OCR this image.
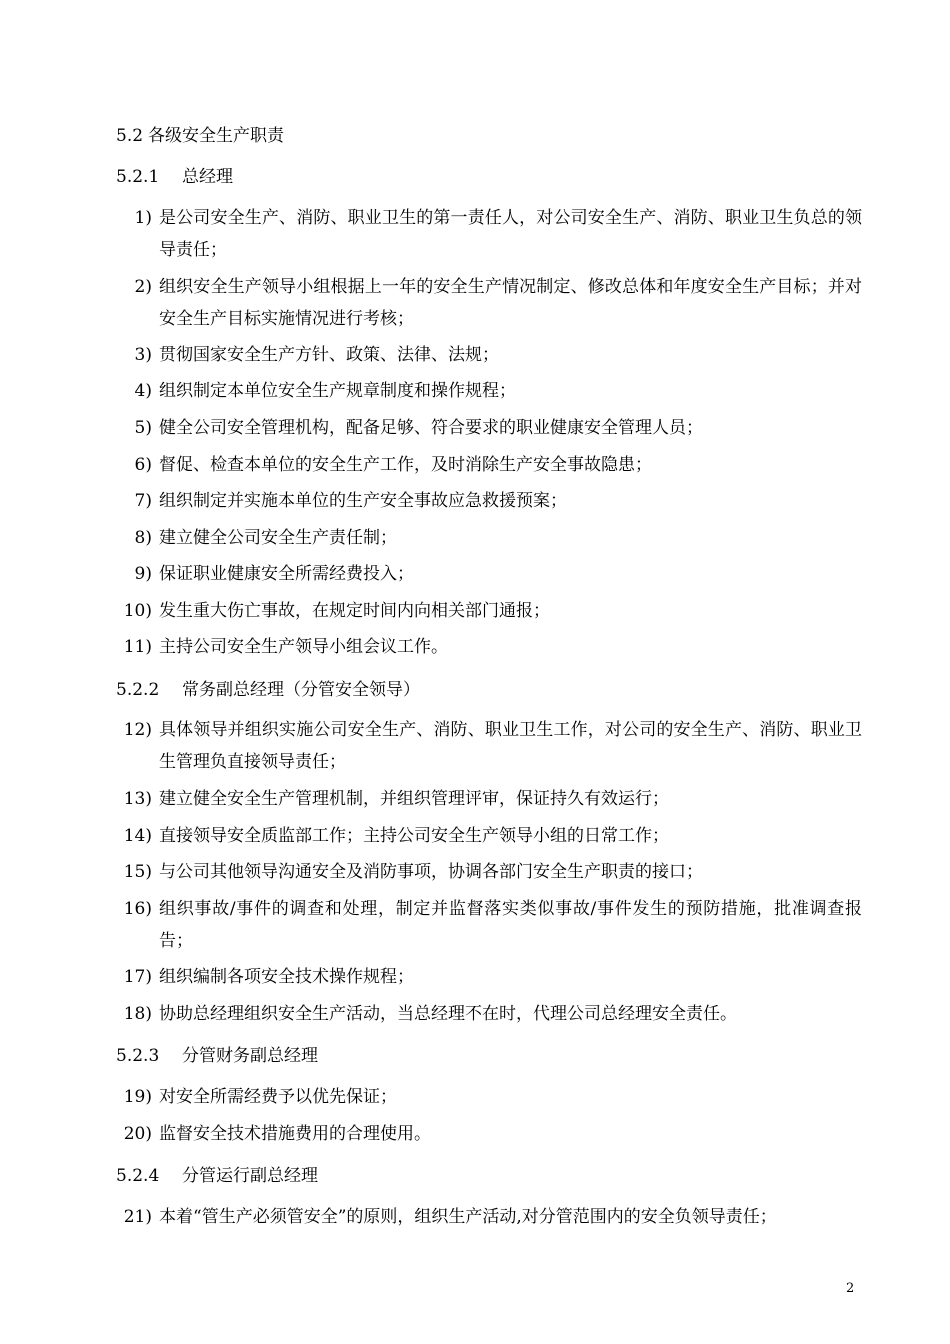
5.2 各级安全生产职责
5.2.1 总经理
1) 是公司安全生产、消防、职业卫生的第一责任人，对公司安全生产、消防、职业卫生负总的领导责任；
2) 组织安全生产领导小组根据上一年的安全生产情况制定、修改总体和年度安全生产目标；并对安全生产目标实施情况进行考核；
3) 贯彻国家安全生产方针、政策、法律、法规；
4) 组织制定本单位安全生产规章制度和操作规程；
5) 健全公司安全管理机构，配备足够、符合要求的职业健康安全管理人员；
6) 督促、检查本单位的安全生产工作，及时消除生产安全事故隐患；
7) 组织制定并实施本单位的生产安全事故应急救援预案；
8) 建立健全公司安全生产责任制；
9) 保证职业健康安全所需经费投入；
10) 发生重大伤亡事故，在规定时间内向相关部门通报；
11) 主持公司安全生产领导小组会议工作。
5.2.2 常务副总经理（分管安全领导）
12) 具体领导并组织实施公司安全生产、消防、职业卫生工作，对公司的安全生产、消防、职业卫生管理负直接领导责任；
13) 建立健全安全生产管理机制，并组织管理评审，保证持久有效运行；
14) 直接领导安全质监部工作；主持公司安全生产领导小组的日常工作；
15) 与公司其他领导沟通安全及消防事项，协调各部门安全生产职责的接口；
16) 组织事故/事件的调查和处理，制定并监督落实类似事故/事件发生的预防措施，批准调查报告；
17) 组织编制各项安全技术操作规程；
18) 协助总经理组织安全生产活动，当总经理不在时，代理公司总经理安全责任。
5.2.3 分管财务副总经理
19) 对安全所需经费予以优先保证；
20) 监督安全技术措施费用的合理使用。
5.2.4 分管运行副总经理
21) 本着“管生产必须管安全”的原则，组织生产活动,对分管范围内的安全负领导责任；
2
